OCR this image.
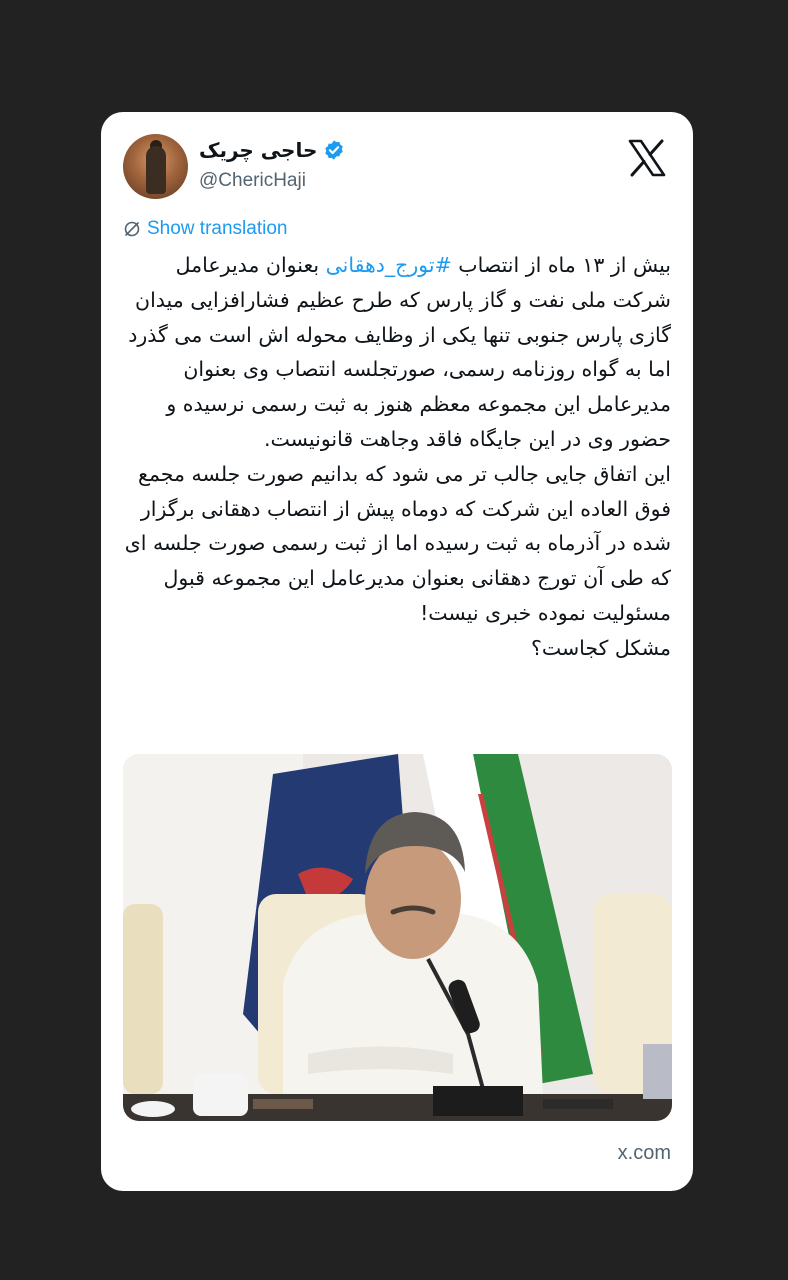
حاجی چریک
@ChericHaji
Show translation

بیش از ۱۳ ماه از انتصاب #تورج_دهقانی بعنوان مدیرعامل شرکت ملی نفت و گاز پارس که طرح عظیم فشارافزایی میدان گازی پارس جنوبی تنها یکی از وظایف محوله اش است می گذرد اما به گواه روزنامه رسمی، صورتجلسه انتصاب وی بعنوان مدیرعامل این مجموعه معظم هنوز به ثبت رسمی نرسیده و حضور وی در این جایگاه فاقد وجاهت قانونیست.

این اتفاق جایی جالب تر می شود که بدانیم صورت جلسه مجمع فوق العاده این شرکت که دوماه پیش از انتصاب دهقانی برگزار شده در آذرماه به ثبت رسیده اما از ثبت رسمی صورت جلسه ای که طی آن تورج دهقانی بعنوان مدیرعامل این مجموعه قبول مسئولیت نموده خبری نیست!

مشکل کجاست؟

x.com
